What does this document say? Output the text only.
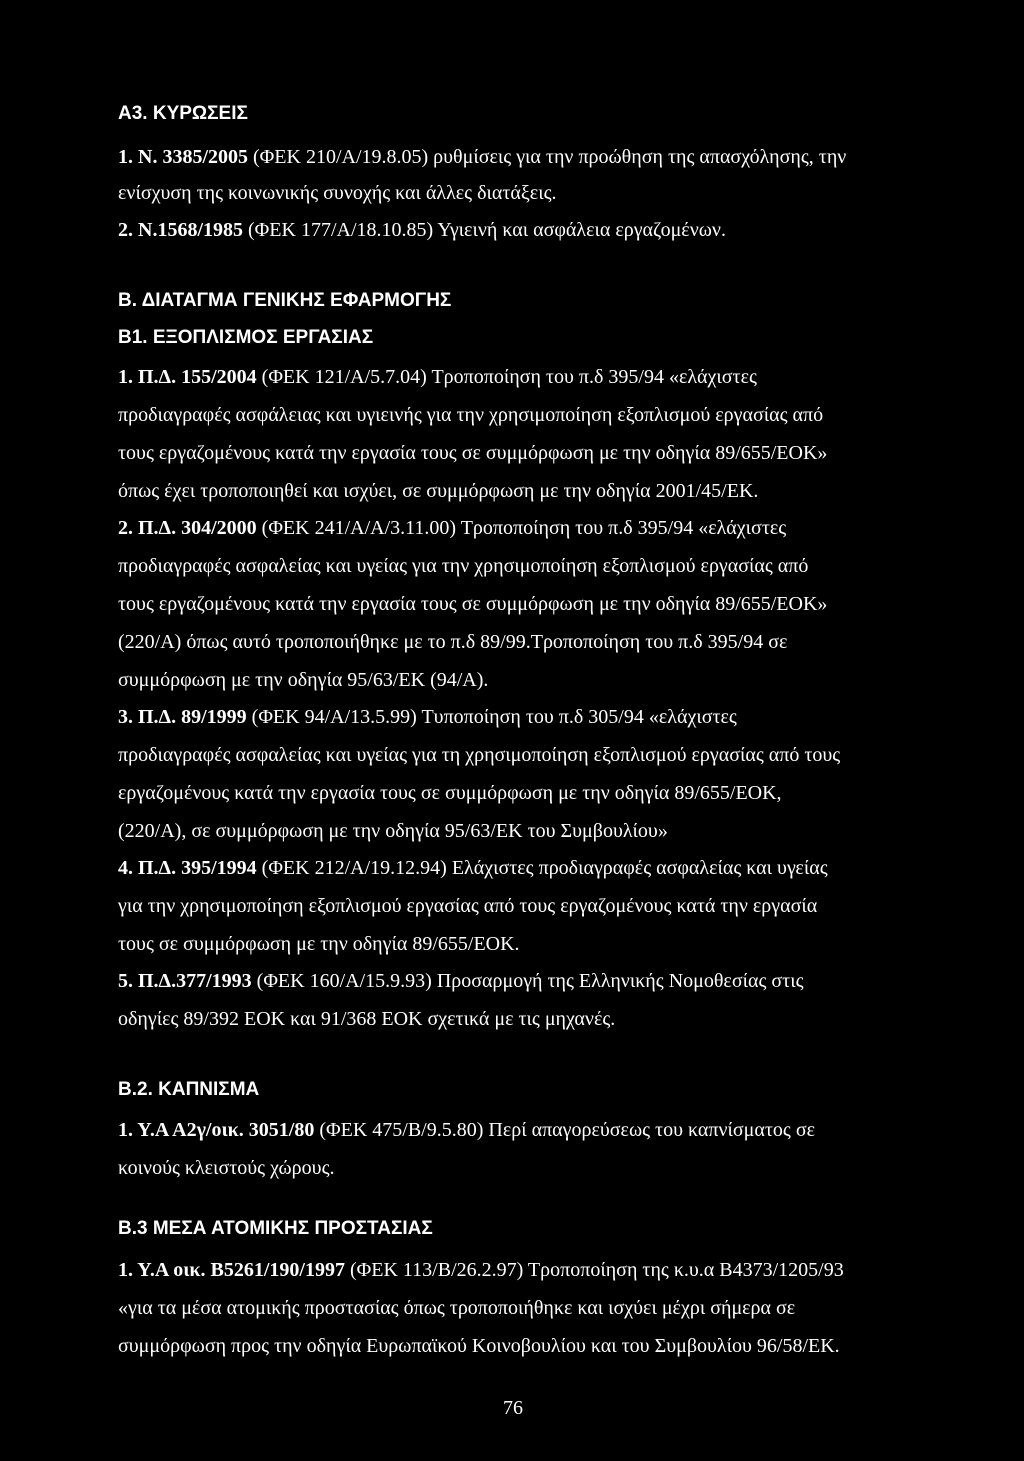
Α3. ΚΥΡΩΣΕΙΣ
1. Ν. 3385/2005 (ΦΕΚ 210/Α/19.8.05) ρυθμίσεις για την προώθηση της απασχόλησης, την
ενίσχυση της κοινωνικής συνοχής και άλλες διατάξεις.
2. Ν.1568/1985 (ΦΕΚ 177/Α/18.10.85) Υγιεινή και ασφάλεια εργαζομένων.
Β. ΔΙΑΤΑΓΜΑ ΓΕΝΙΚΗΣ ΕΦΑΡΜΟΓΗΣ
Β1. ΕΞΟΠΛΙΣΜΟΣ ΕΡΓΑΣΙΑΣ
1. Π.Δ. 155/2004 (ΦΕΚ 121/Α/5.7.04) Τροποποίηση του π.δ 395/94 «ελάχιστες
προδιαγραφές ασφάλειας και υγιεινής για την χρησιμοποίηση εξοπλισμού εργασίας από
τους εργαζομένους κατά την εργασία τους σε συμμόρφωση με την οδηγία 89/655/ΕΟΚ»
όπως έχει τροποποιηθεί και ισχύει, σε συμμόρφωση με την οδηγία 2001/45/ΕΚ.
2. Π.Δ. 304/2000 (ΦΕΚ 241/Α/Α/3.11.00) Τροποποίηση του π.δ 395/94 «ελάχιστες
προδιαγραφές ασφαλείας και υγείας για την χρησιμοποίηση εξοπλισμού εργασίας από
τους εργαζομένους κατά την εργασία τους σε συμμόρφωση με την οδηγία 89/655/ΕΟΚ»
(220/Α) όπως αυτό τροποποιήθηκε με το π.δ 89/99.Τροποποίηση του π.δ 395/94 σε
συμμόρφωση με την οδηγία 95/63/ΕΚ (94/Α).
3. Π.Δ. 89/1999 (ΦΕΚ 94/Α/13.5.99) Τυποποίηση του π.δ 305/94 «ελάχιστες
προδιαγραφές ασφαλείας και υγείας για τη χρησιμοποίηση εξοπλισμού εργασίας από τους
εργαζομένους κατά την εργασία τους σε συμμόρφωση με την οδηγία 89/655/ΕΟΚ,
(220/Α), σε συμμόρφωση με την οδηγία 95/63/ΕΚ του Συμβουλίου»
4. Π.Δ. 395/1994 (ΦΕΚ 212/Α/19.12.94) Ελάχιστες προδιαγραφές ασφαλείας και υγείας
για την χρησιμοποίηση εξοπλισμού εργασίας από τους εργαζομένους κατά την εργασία
τους σε συμμόρφωση με την οδηγία 89/655/ΕΟΚ.
5. Π.Δ.377/1993 (ΦΕΚ 160/Α/15.9.93) Προσαρμογή της Ελληνικής Νομοθεσίας στις
οδηγίες 89/392 ΕΟΚ και 91/368 ΕΟΚ σχετικά με τις μηχανές.
Β.2. ΚΑΠΝΙΣΜΑ
1. Υ.Α Α2γ/οικ. 3051/80 (ΦΕΚ 475/Β/9.5.80) Περί απαγορεύσεως του καπνίσματος σε
κοινούς κλειστούς χώρους.
Β.3 ΜΕΣΑ ΑΤΟΜΙΚΗΣ ΠΡΟΣΤΑΣΙΑΣ
1. Υ.Α οικ. Β5261/190/1997 (ΦΕΚ 113/Β/26.2.97) Τροποποίηση της κ.υ.α Β4373/1205/93
«για τα μέσα ατομικής προστασίας όπως τροποποιήθηκε και ισχύει μέχρι σήμερα σε
συμμόρφωση προς την οδηγία Ευρωπαϊκού Κοινοβουλίου και του Συμβουλίου 96/58/ΕΚ.
76
